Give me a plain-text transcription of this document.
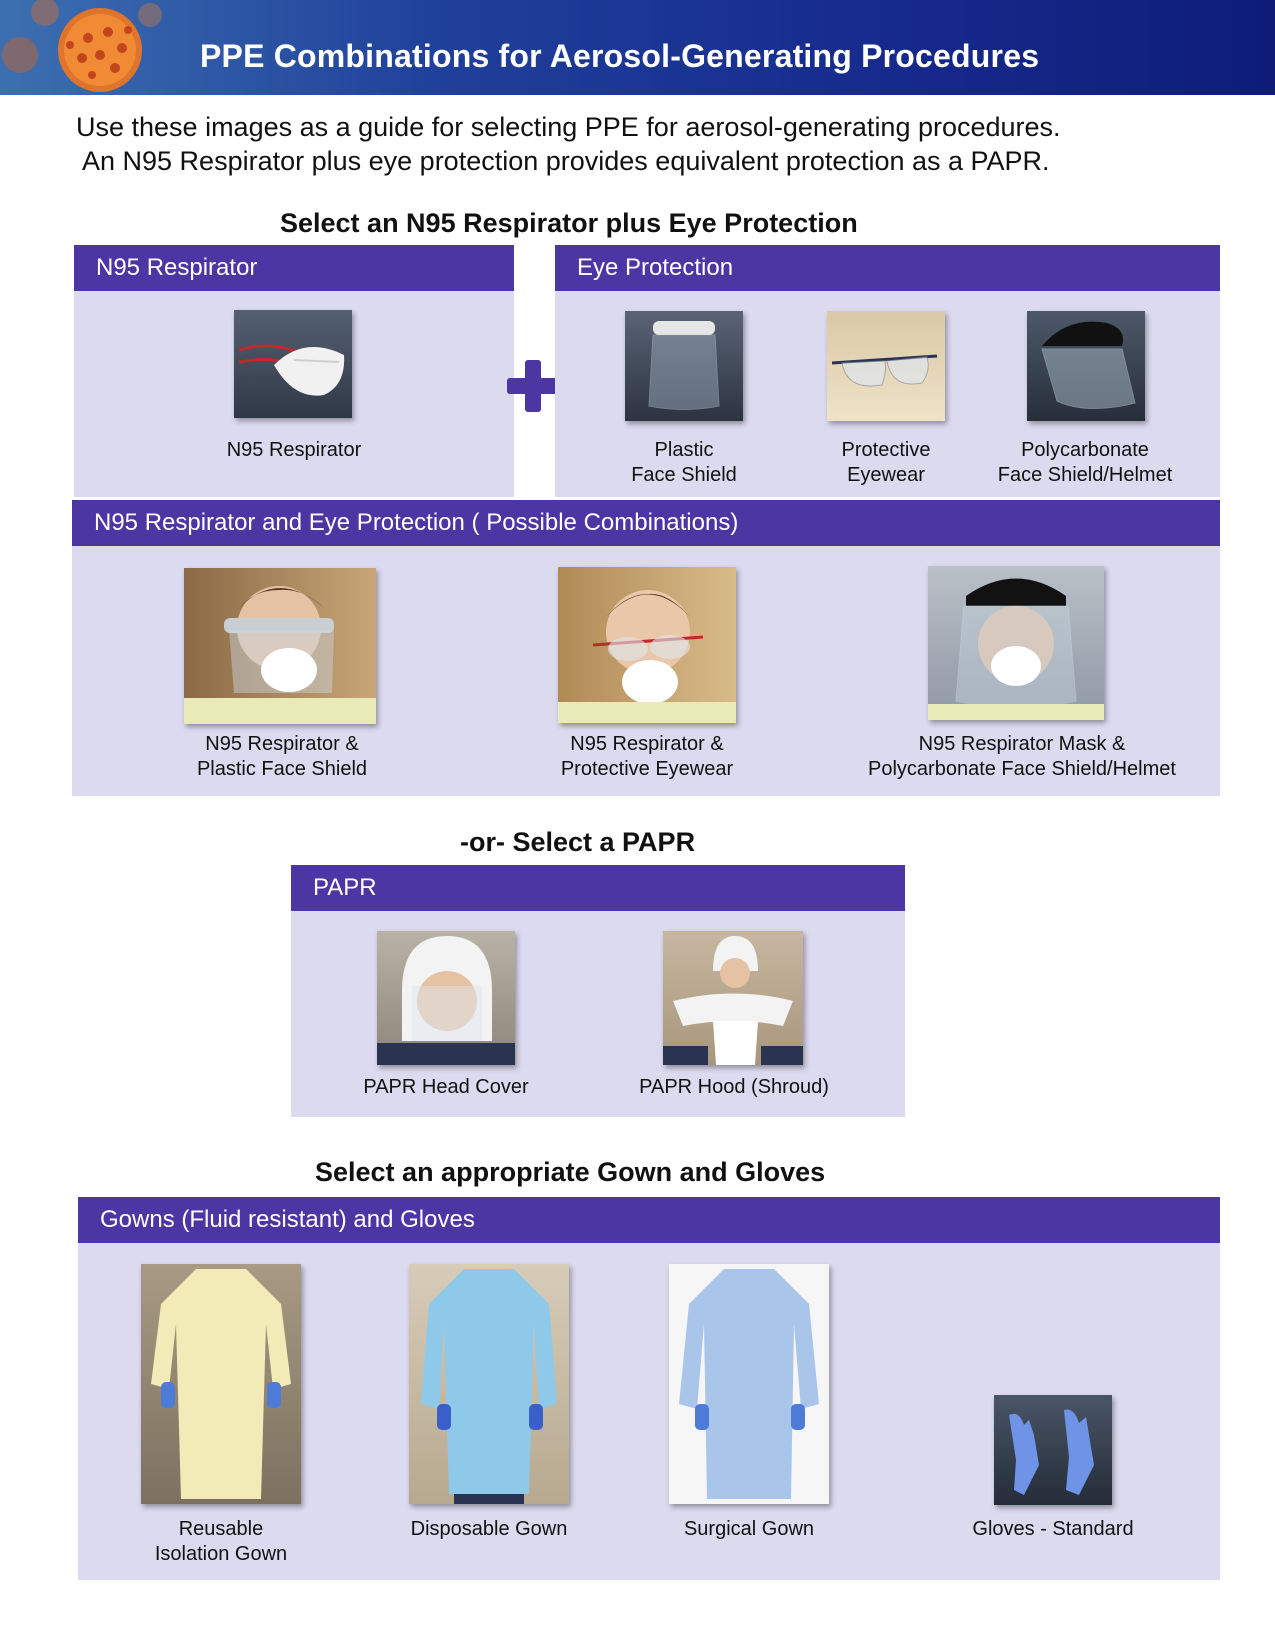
PPE Combinations for Aerosol-Generating Procedures
Use these images as a guide for selecting PPE for aerosol-generating procedures.
An N95 Respirator plus eye protection provides equivalent protection as a PAPR.
Select an N95 Respirator plus Eye Protection
N95 Respirator
N95 Respirator
Eye Protection
Plastic
Face Shield
Protective
Eyewear
Polycarbonate
Face Shield/Helmet
N95 Respirator and Eye Protection ( Possible Combinations)
N95 Respirator &
Plastic Face Shield
N95 Respirator &
Protective Eyewear
N95 Respirator Mask &
Polycarbonate Face Shield/Helmet
-or- Select a PAPR
PAPR
PAPR Head Cover	PAPR Hood (Shroud)
Select an appropriate Gown and Gloves
Gowns (Fluid resistant) and Gloves
Reusable
Isolation Gown
Disposable Gown	Surgical Gown	Gloves - Standard
